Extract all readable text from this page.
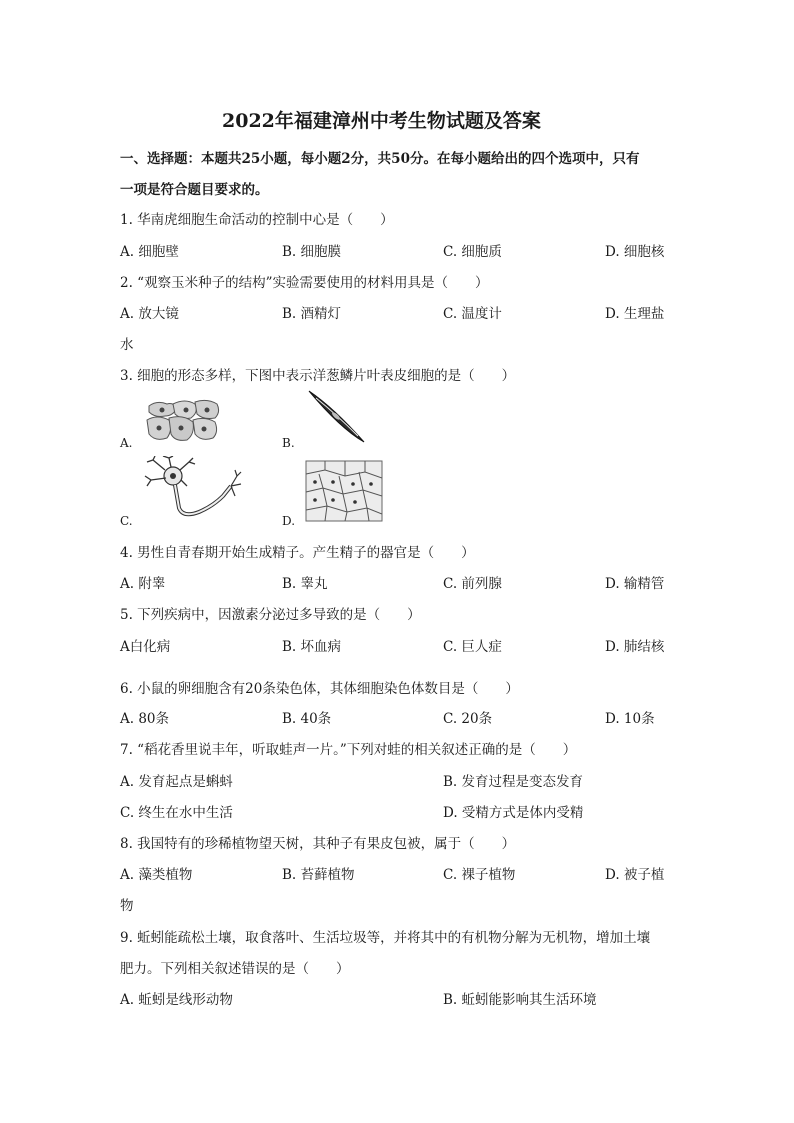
2022年福建漳州中考生物试题及答案
一、选择题：本题共25小题，每小题2分，共50分。在每小题给出的四个选项中，只有
一项是符合题目要求的。
1. 华南虎细胞生命活动的控制中心是（　　）
A. 细胞壁	B. 细胞膜	C. 细胞质	D. 细胞核
2. “观察玉米种子的结构”实验需要使用的材料用具是（　　）
A. 放大镜	B. 酒精灯	C. 温度计	D. 生理盐
水
3. 细胞的形态多样，下图中表示洋葱鳞片叶表皮细胞的是（　　）
A.	B.
C.	D.
4. 男性自青春期开始生成精子。产生精子的器官是（　　）
A. 附睾	B. 睾丸	C. 前列腺	D. 输精管
5. 下列疾病中，因激素分泌过多导致的是（　　）
A白化病	B. 坏血病	C. 巨人症	D. 肺结核
6. 小鼠的卵细胞含有20条染色体，其体细胞染色体数目是（　　）
A. 80条	B. 40条	C. 20条	D. 10条
7. “稻花香里说丰年，听取蛙声一片。”下列对蛙的相关叙述正确的是（　　）
A. 发育起点是蝌蚪	B. 发育过程是变态发育
C. 终生在水中生活	D. 受精方式是体内受精
8. 我国特有的珍稀植物望天树，其种子有果皮包被，属于（　　）
A. 藻类植物	B. 苔藓植物	C. 裸子植物	D. 被子植
物
9. 蚯蚓能疏松土壤，取食落叶、生活垃圾等，并将其中的有机物分解为无机物，增加土壤
肥力。下列相关叙述错误的是（　　）
A. 蚯蚓是线形动物	B. 蚯蚓能影响其生活环境
